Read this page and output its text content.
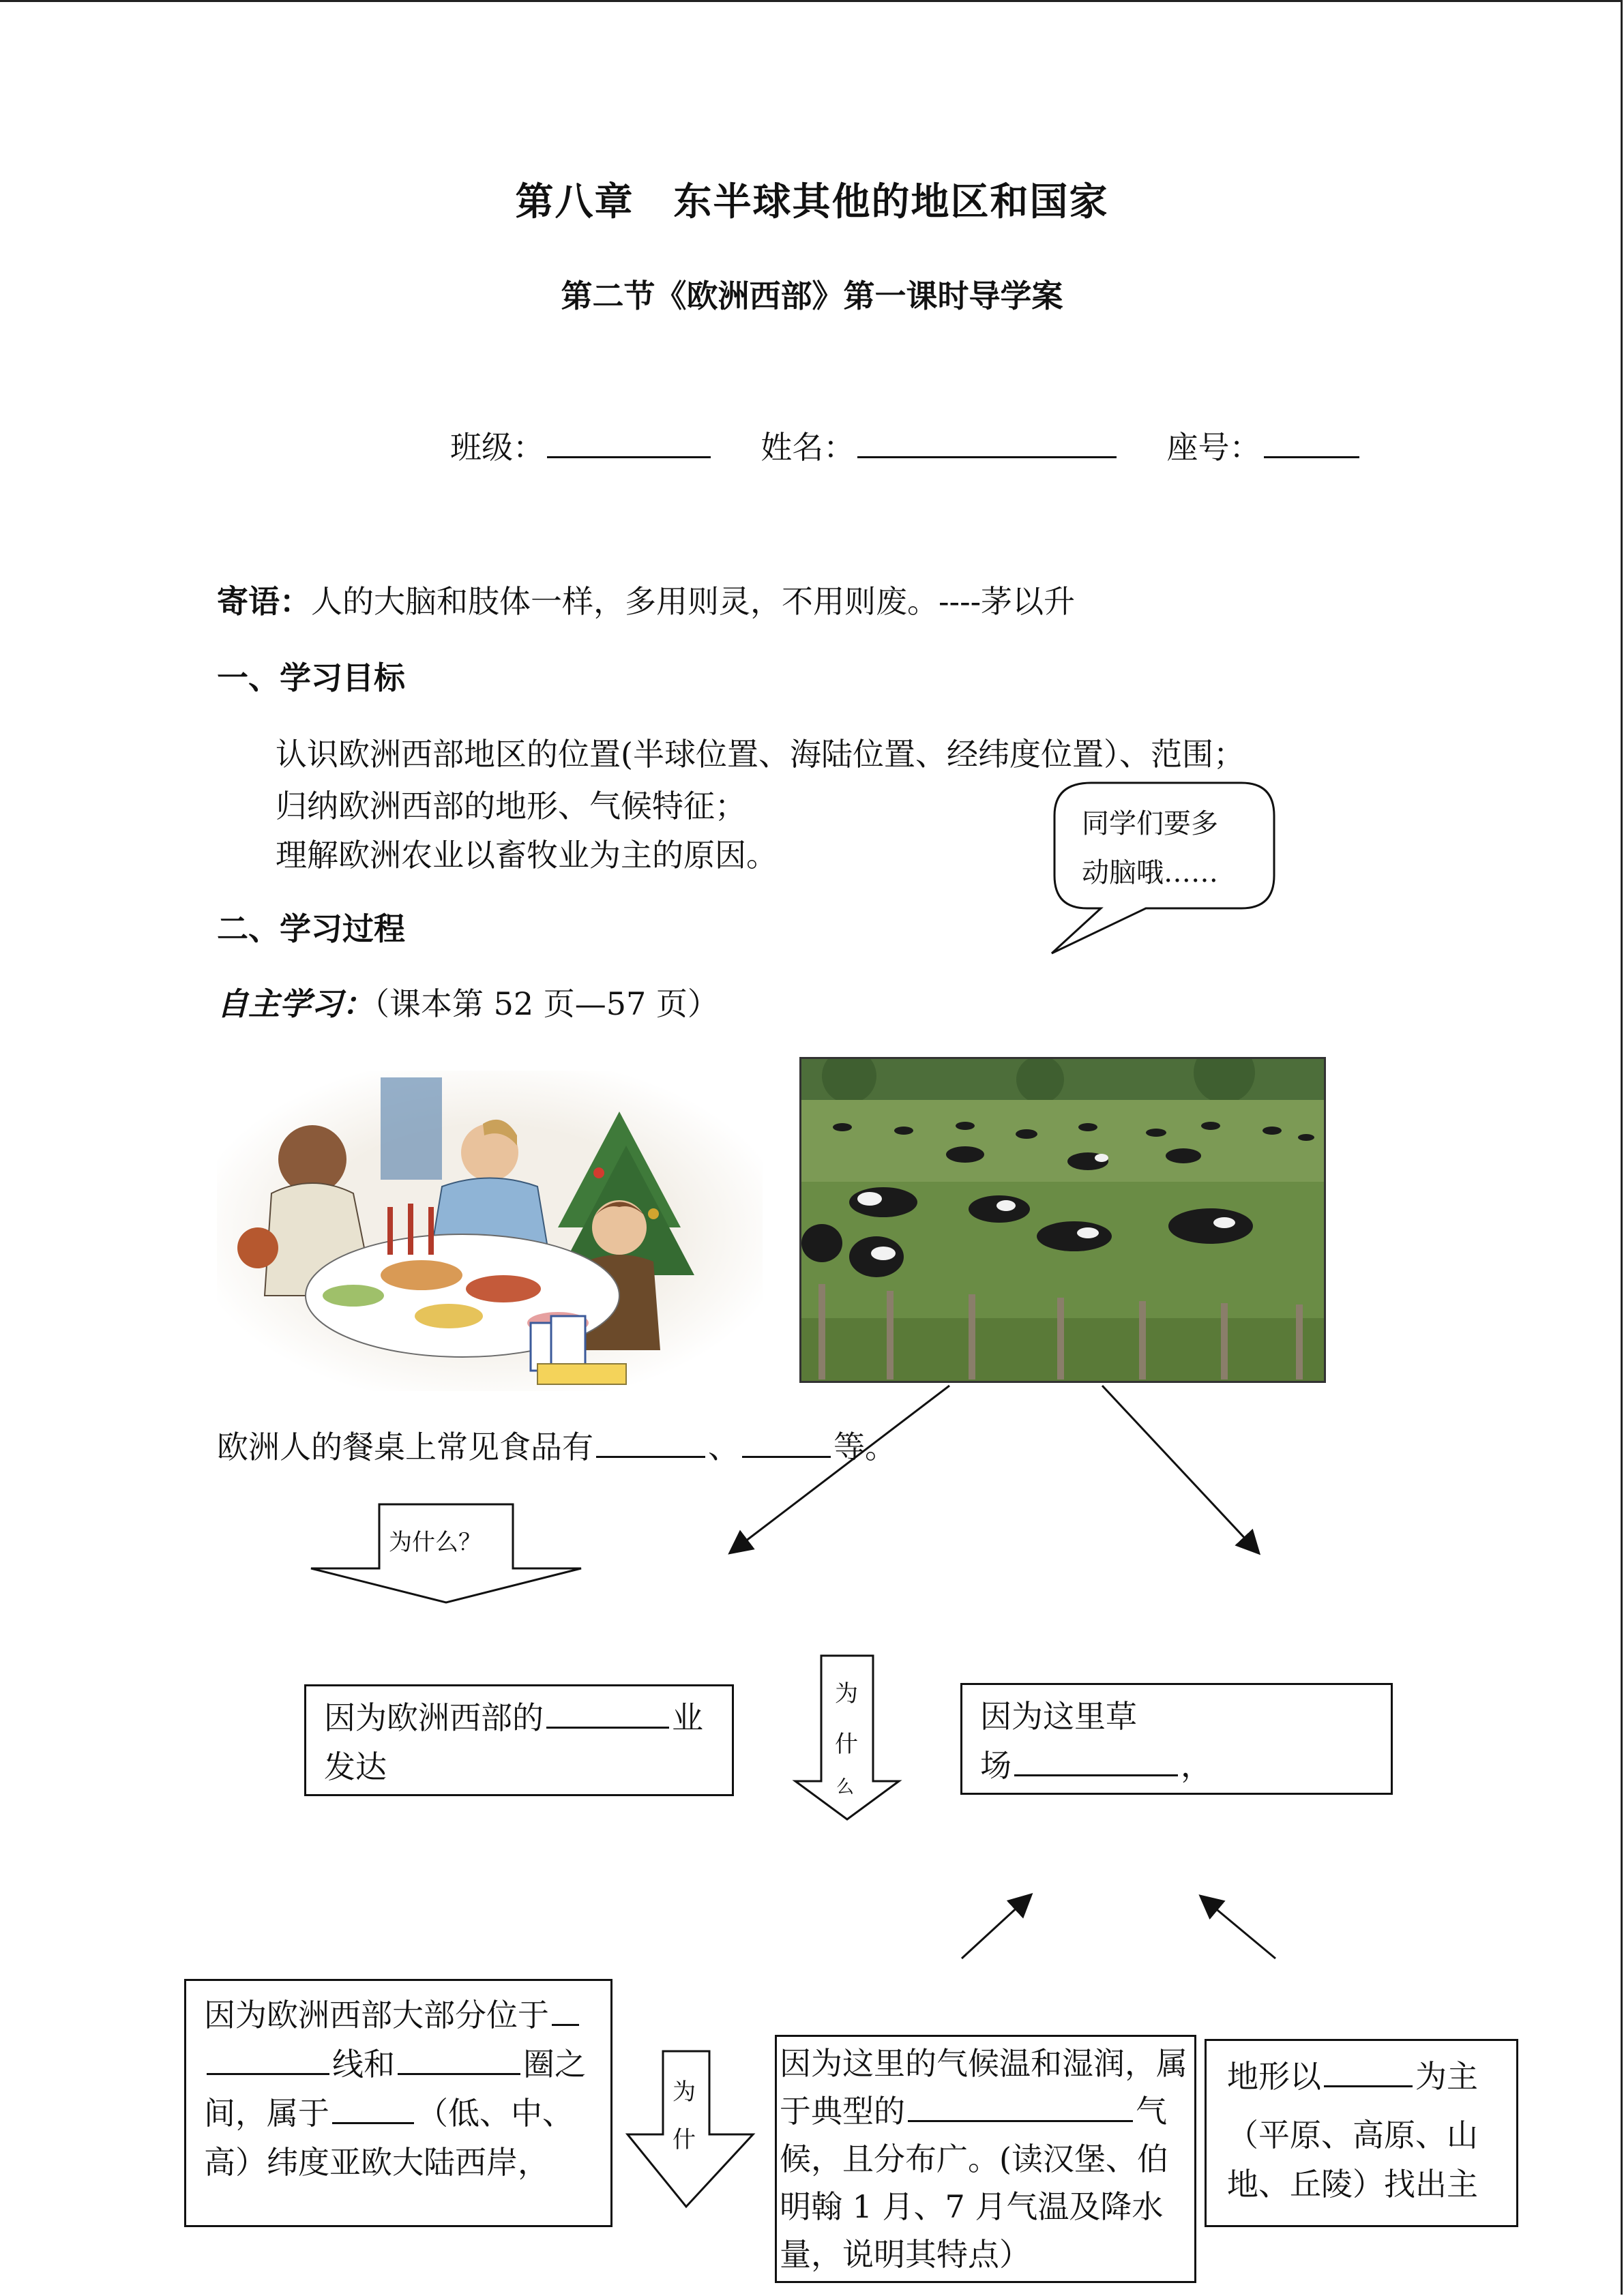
第八章　东半球其他的地区和国家
第二节《欧洲西部》第一课时导学案
班级：	姓名：	座号：
寄语：人的大脑和肢体一样，多用则灵，不用则废。----茅以升
一、学习目标
认识欧洲西部地区的位置(半球位置、海陆位置、经纬度位置）、范围；
归纳欧洲西部的地形、气候特征；
理解欧洲农业以畜牧业为主的原因。
同学们要多
动脑哦……
二、学习过程
自主学习：（课本第 52 页—57 页）
欧洲人的餐桌上常见食品有	、	等。
为什么？
为
什
么
为
什
因为欧洲西部的	业
发达
因为这里草
场	，
因为欧洲西部大部分位于
线和	圈之间，属于	（低、中、高）纬度亚欧大陆西岸，
因为这里的气候温和湿润，属于典型的	气候，且分布广。(读汉堡、伯明翰 1 月、7 月气温及降水量，说明其特点）
地形以	为主

（平原、高原、山地、丘陵）找出主
